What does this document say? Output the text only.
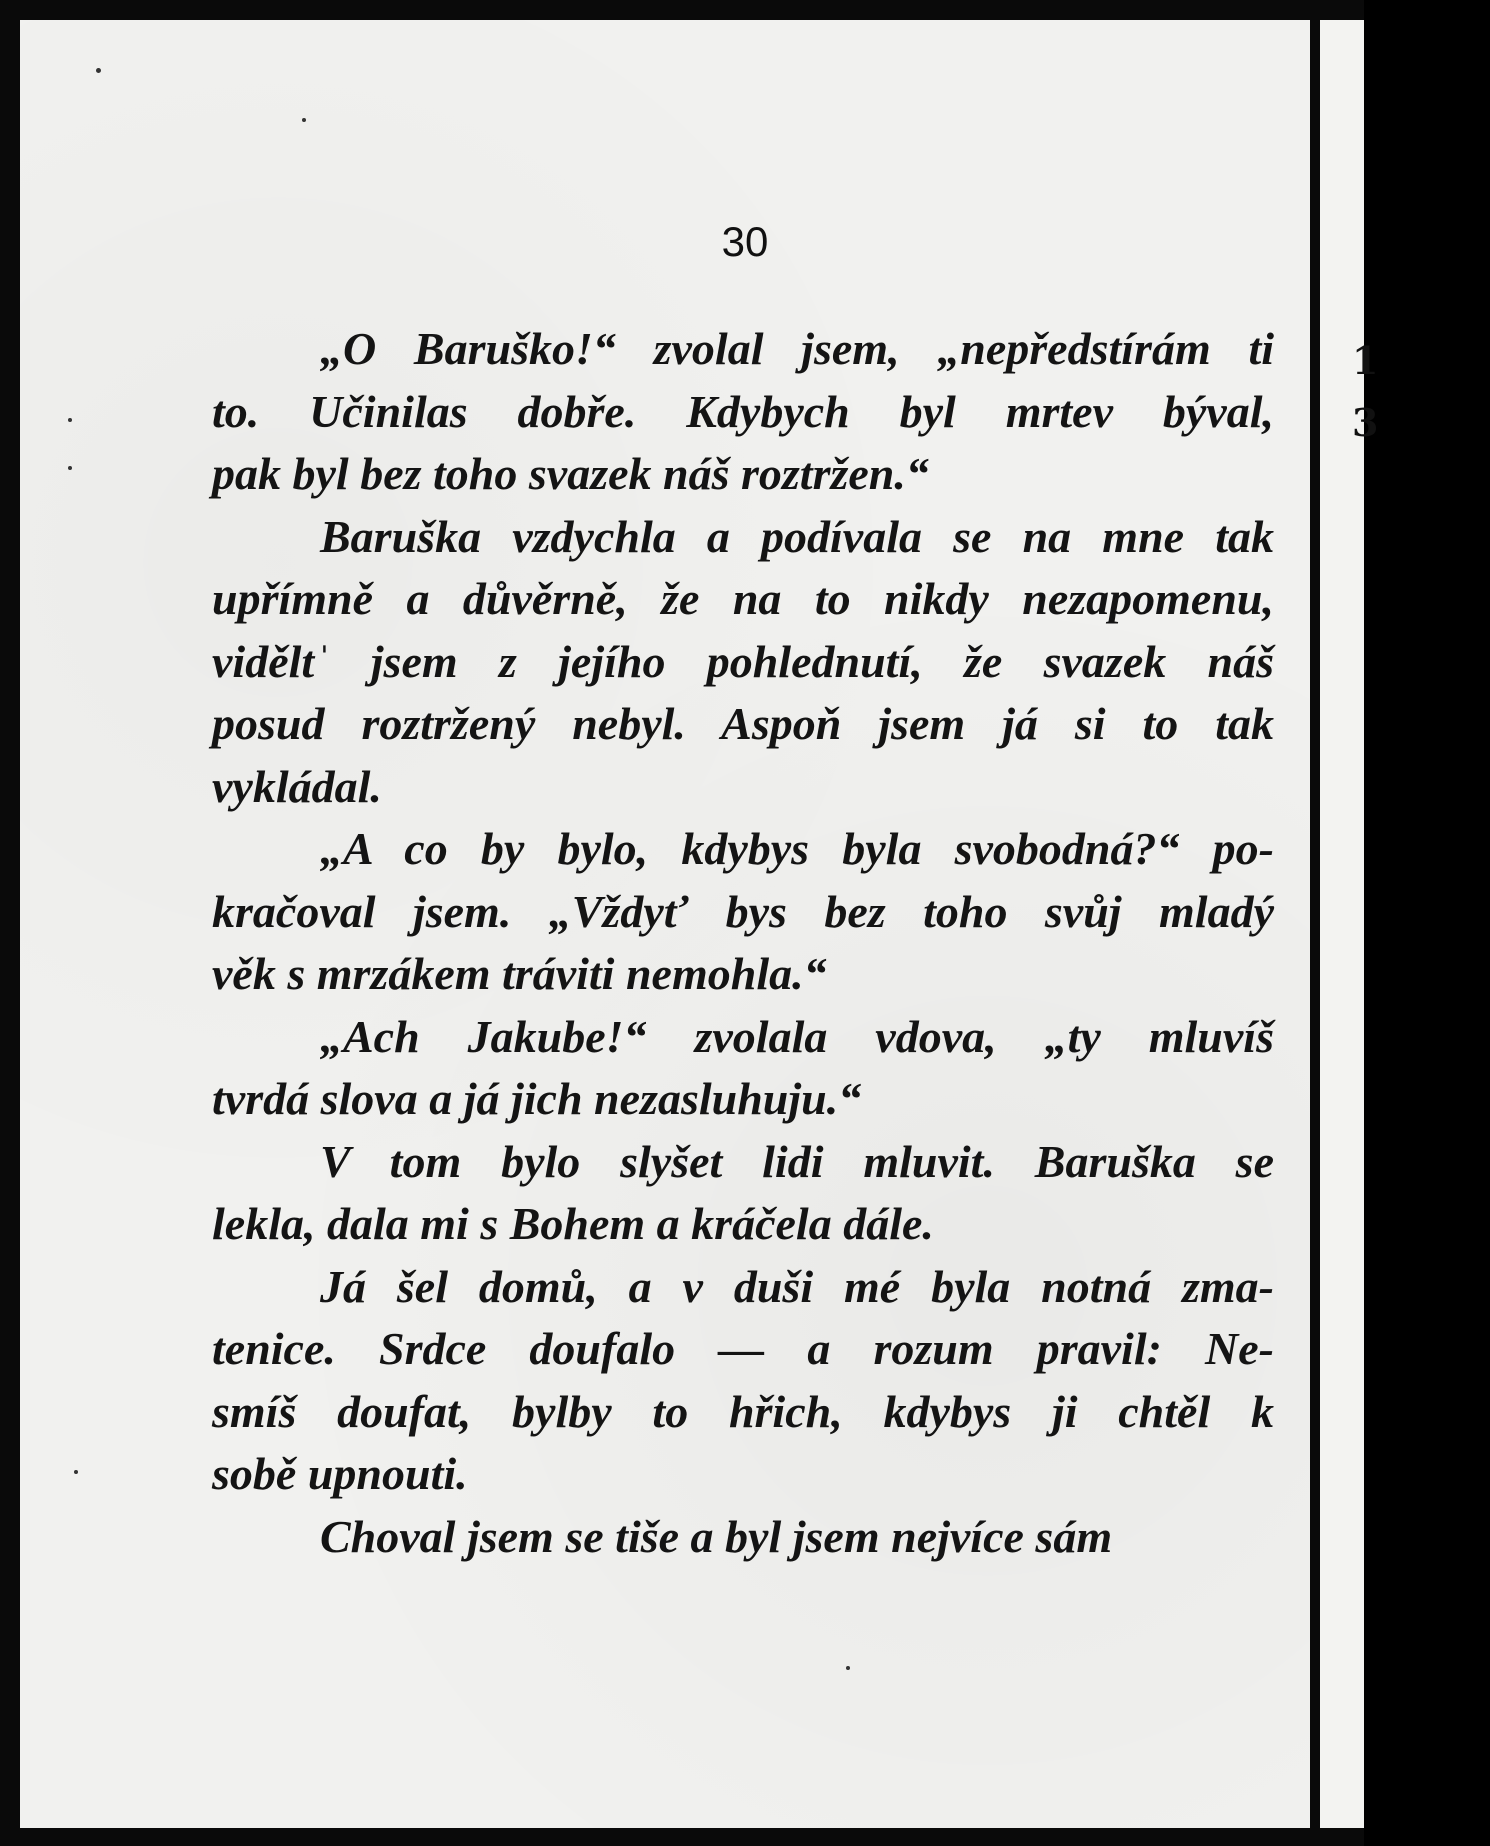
1
3
30
„O Baruško!“ zvolal jsem, „nepředstírám ti
to. Učinilas dobře. Kdybych byl mrtev býval,
pak byl bez toho svazek náš roztržen.“
Baruška vzdychla a podívala se na mne tak
upřímně a důvěrně, že na to nikdy nezapomenu,
viděltˈ jsem z jejího pohlednutí, že svazek náš
posud roztržený nebyl. Aspoň jsem já si to tak
vykládal.
„A co by bylo, kdybys byla svobodná?“ po-
kračoval jsem. „Vždyť bys bez toho svůj mladý
věk s mrzákem tráviti nemohla.“
„Ach Jakube!“ zvolala vdova, „ty mluvíš
tvrdá slova a já jich nezasluhuju.“
V tom bylo slyšet lidi mluvit. Baruška se
lekla, dala mi s Bohem a kráčela dále.
Já šel domů, a v duši mé byla notná zma-
tenice. Srdce doufalo — a rozum pravil: Ne-
smíš doufat, bylby to hřich, kdybys ji chtěl k
sobě upnouti.
Choval jsem se tiše a byl jsem nejvíce sám
